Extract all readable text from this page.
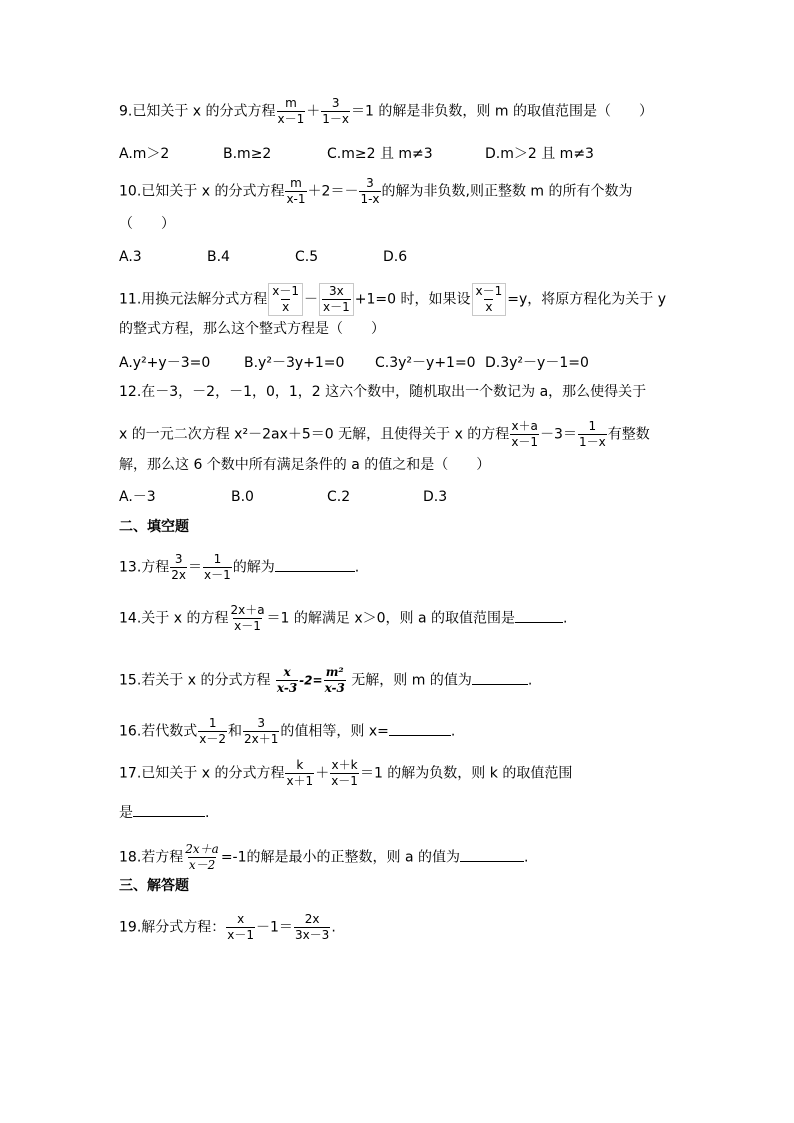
9.已知关于 x 的分式方程 $\frac{m}{x-1} + \frac{3}{1-x} =1$ 的解是非负数，则 m 的取值范围是（　　）
A.m＞2	B.m≥2	C.m≥2 且 m≠3	D.m＞2 且 m≠3
10.已知关于 x 的分式方程 $\frac{m}{x-1} +2=- \frac{3}{1-x}$ 的解为非负数,则正整数 m 的所有个数为
（　　）
A.3	B.4	C.5	D.6
11.用换元法解分式方程 $\frac{x-1}{x} - \frac{3x}{x-1} +1=0$ 时，如果设 $\frac{x-1}{x} =y$，将原方程化为关于 y
的整式方程，那么这个整式方程是（　　）
A.y²+y－3=0 B.y²－3y+1=0 C.3y²－y+1=0 D.3y²－y－1=0
12.在－3，－2，－1，0，1，2 这六个数中，随机取出一个数记为 a，那么使得关于
x 的一元二次方程 x²－2ax＋5＝0 无解，且使得关于 x 的方程 $\frac{x+a}{x-1} -3= \frac{1}{1-x}$ 有整数
解，那么这 6 个数中所有满足条件的 a 的值之和是（　　）
A.－3	B.0	C.2	D.3
二、填空题
13.方程 $\frac{3}{2x} = \frac{1}{x-1}$ 的解为	.
14.关于 x 的方程 $\frac{2x+a}{x-1} =1$ 的解满足 x＞0，则 a 的取值范围是	.
15.若关于 x 的分式方程 $\frac{x}{x-3} -2= \frac{\text{m²}}{x-3}$ 无解，则 m 的值为	.
16.若代数式 $\frac{1}{x-2}$ 和 $\frac{3}{2x+1}$ 的值相等，则 x=	.
17.已知关于 x 的分式方程 $\frac{k}{x+1} + \frac{x+k}{x-1} =1$ 的解为负数，则 k 的取值范围
是	.
18.若方程 $\frac{2x+a}{x-2} =-1$的解是最小的正整数，则 a 的值为	.
三、解答题
19.解分式方程： $\frac{x}{x-1} -1= \frac{2x}{3x-3}$ .
